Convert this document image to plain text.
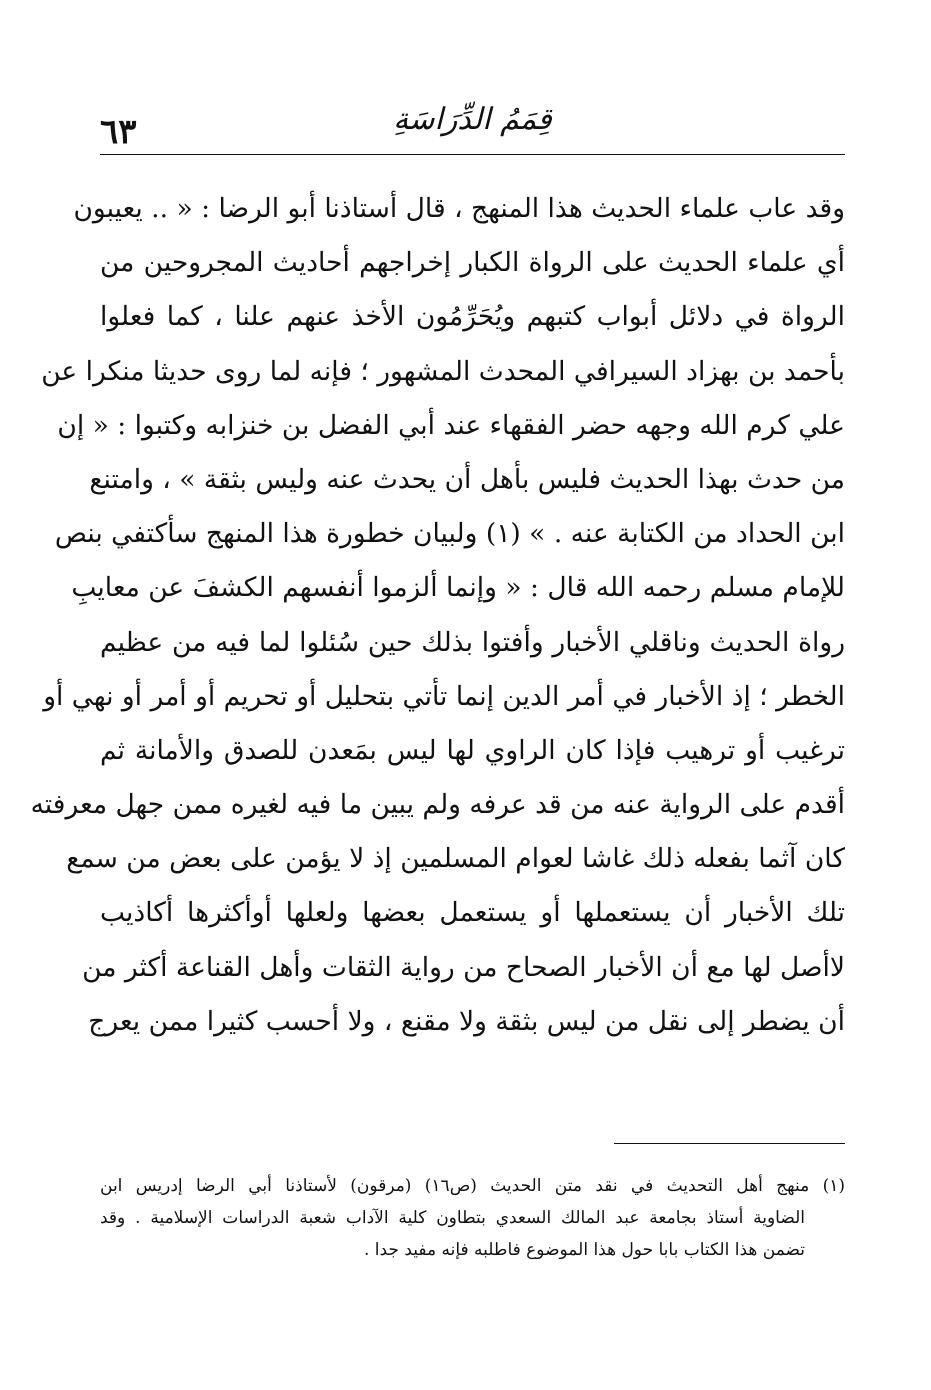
قِمَمُ الدِّرَاسَةِ
٦٣
وقد عاب علماء الحديث هذا المنهج ، قال أستاذنا أبو الرضا : « .. يعيبون
أي علماء الحديث على الرواة الكبار إخراجهم أحاديث المجروحين من
الرواة في دلائل أبواب كتبهم ويُحَرِّمُون الأخذ عنهم علنا ، كما فعلوا
بأحمد بن بهزاد السيرافي المحدث المشهور ؛ فإنه لما روى حديثا منكرا عن
علي كرم الله وجهه حضر الفقهاء عند أبي الفضل بن خنزابه وكتبوا : « إن
من حدث بهذا الحديث فليس بأهل أن يحدث عنه وليس بثقة » ، وامتنع
ابن الحداد من الكتابة عنه . » (١) ولبيان خطورة هذا المنهج سأكتفي بنص
للإمام مسلم رحمه الله قال : « وإنما ألزموا أنفسهم الكشفَ عن معايبِ
رواة الحديث وناقلي الأخبار وأفتوا بذلك حين سُئلوا لما فيه من عظيم
الخطر ؛ إذ الأخبار في أمر الدين إنما تأتي بتحليل أو تحريم أو أمر أو نهي أو
ترغيب أو ترهيب فإذا كان الراوي لها ليس بمَعدن للصدق والأمانة ثم
أقدم على الرواية عنه من قد عرفه ولم يبين ما فيه لغيره ممن جهل معرفته
كان آثما بفعله ذلك غاشا لعوام المسلمين إذ لا يؤمن على بعض من سمع
تلك الأخبار أن يستعملها أو يستعمل بعضها ولعلها أوأكثرها أكاذيب
لاأصل لها مع أن الأخبار الصحاح من رواية الثقات وأهل القناعة أكثر من
أن يضطر إلى نقل من ليس بثقة ولا مقنع ، ولا أحسب كثيرا ممن يعرج
(١) منهج أهل التحديث في نقد متن الحديث (ص١٦) (مرقون) لأستاذنا أبي الرضا إدريس ابن
الضاوية أستاذ بجامعة عبد المالك السعدي بتطاون كلية الآداب شعبة الدراسات الإسلامية . وقد
تضمن هذا الكتاب بابا حول هذا الموضوع فاطلبه فإنه مفيد جدا .
